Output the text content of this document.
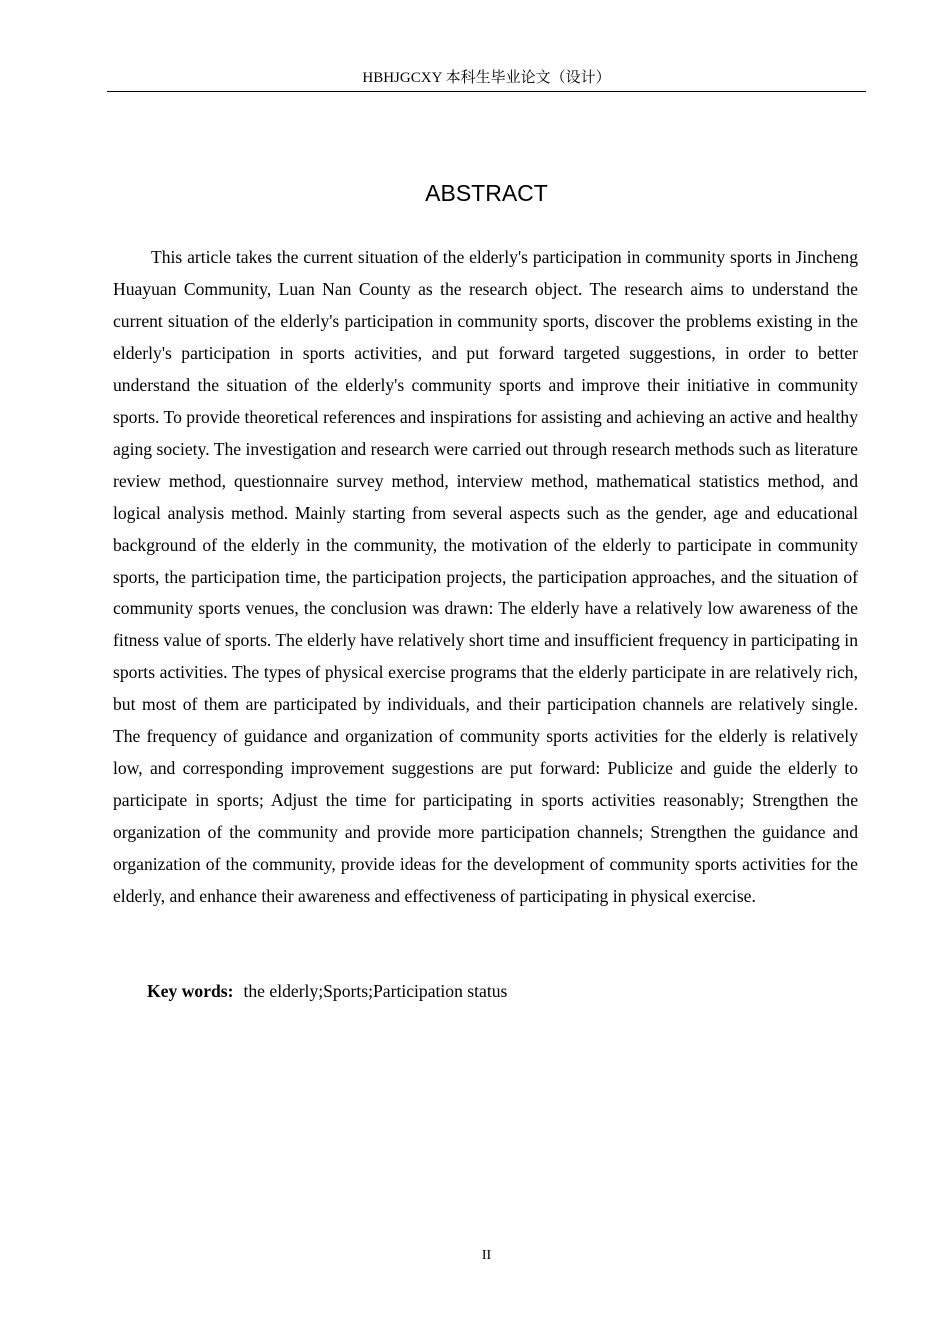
HBHJGCXY 本科生毕业论文（设计）
ABSTRACT

This article takes the current situation of the elderly's participation in community sports in Jincheng Huayuan Community, Luan Nan County as the research object. The research aims to understand the current situation of the elderly's participation in community sports, discover the problems existing in the elderly's participation in sports activities, and put forward targeted suggestions, in order to better understand the situation of the elderly's community sports and improve their initiative in community sports. To provide theoretical references and inspirations for assisting and achieving an active and healthy aging society. The investigation and research were carried out through research methods such as literature review method, questionnaire survey method, interview method, mathematical statistics method, and logical analysis method. Mainly starting from several aspects such as the gender, age and educational background of the elderly in the community, the motivation of the elderly to participate in community sports, the participation time, the participation projects, the participation approaches, and the situation of community sports venues, the conclusion was drawn: The elderly have a relatively low awareness of the fitness value of sports. The elderly have relatively short time and insufficient frequency in participating in sports activities. The types of physical exercise programs that the elderly participate in are relatively rich, but most of them are participated by individuals, and their participation channels are relatively single. The frequency of guidance and organization of community sports activities for the elderly is relatively low, and corresponding improvement suggestions are put forward: Publicize and guide the elderly to participate in sports; Adjust the time for participating in sports activities reasonably; Strengthen the organization of the community and provide more participation channels; Strengthen the guidance and organization of the community, provide ideas for the development of community sports activities for the elderly, and enhance their awareness and effectiveness of participating in physical exercise.

Key words: the elderly;Sports;Participation status

II
